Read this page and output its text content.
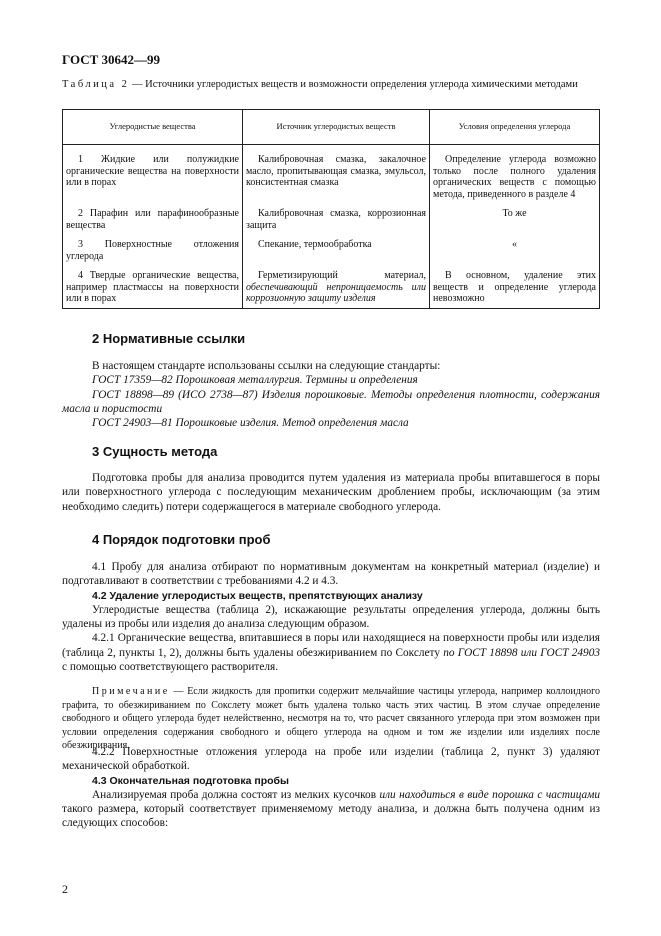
ГОСТ 30642—99
Таблица 2 — Источники углеродистых веществ и возможности определения углерода химическими методами
Углеродистые вещества	Источник углеродистых веществ	Условия определения углерода

1 Жидкие или полужидкие органические вещества на поверхности или в порах	Калибровочная смазка, закалочное масло, пропитывающая смазка, эмульсол, консистентная смазка	Определение углерода возможно только после полного удаления органических веществ с помощью метода, приведенного в разделе 4

2 Парафин или парафинообразные вещества	Калибровочная смазка, коррозионная защита	То же

3 Поверхностные отложения углерода	Спекание, термообработка	«

4 Твердые органические вещества, например пластмассы на поверхности или в порах	Герметизирующий материал, обеспечивающий непроницаемость или коррозионную защиту изделия	В основном, удаление этих веществ и определение углерода невозможно

2 Нормативные ссылки

В настоящем стандарте использованы ссылки на следующие стандарты:

ГОСТ 17359—82 Порошковая металлургия. Термины и определения

ГОСТ 18898—89 (ИСО 2738—87) Изделия порошковые. Методы определения плотности, содержания масла и пористости

ГОСТ 24903—81 Порошковые изделия. Метод определения масла

3 Сущность метода

Подготовка пробы для анализа проводится путем удаления из материала пробы впитавшегося в поры или поверхностного углерода с последующим механическим дроблением пробы, исключающим (за этим необходимо следить) потери содержащегося в материале свободного углерода.

4 Порядок подготовки проб

4.1 Пробу для анализа отбирают по нормативным документам на конкретный материал (изделие) и подготавливают в соответствии с требованиями 4.2 и 4.3.

4.2 Удаление углеродистых веществ, препятствующих анализу

Углеродистые вещества (таблица 2), искажающие результаты определения углерода, должны быть удалены из пробы или изделия до анализа следующим образом.

4.2.1 Органические вещества, впитавшиеся в поры или находящиеся на поверхности пробы или изделия (таблица 2, пункты 1, 2), должны быть удалены обезжириванием по Сокслету по ГОСТ 18898 или ГОСТ 24903 с помощью соответствующего растворителя.

Примечание — Если жидкость для пропитки содержит мельчайшие частицы углерода, например коллоидного графита, то обезжириванием по Сокслету может быть удалена только часть этих частиц. В этом случае определение свободного и общего углерода будет нелейственно, несмотря на то, что расчет связанного углерода при этом возможен при условии определения содержания свободного и общего углерода на одном и том же изделии или изделиях после обезжиривания.

4.2.2 Поверхностные отложения углерода на пробе или изделии (таблица 2, пункт 3) удаляют механической обработкой.

4.3 Окончательная подготовка пробы

Анализируемая проба должна состоят из мелких кусочков или находиться в виде порошка с частицами такого размера, который соответствует применяемому методу анализа, и должна быть получена одним из следующих способов:

2
